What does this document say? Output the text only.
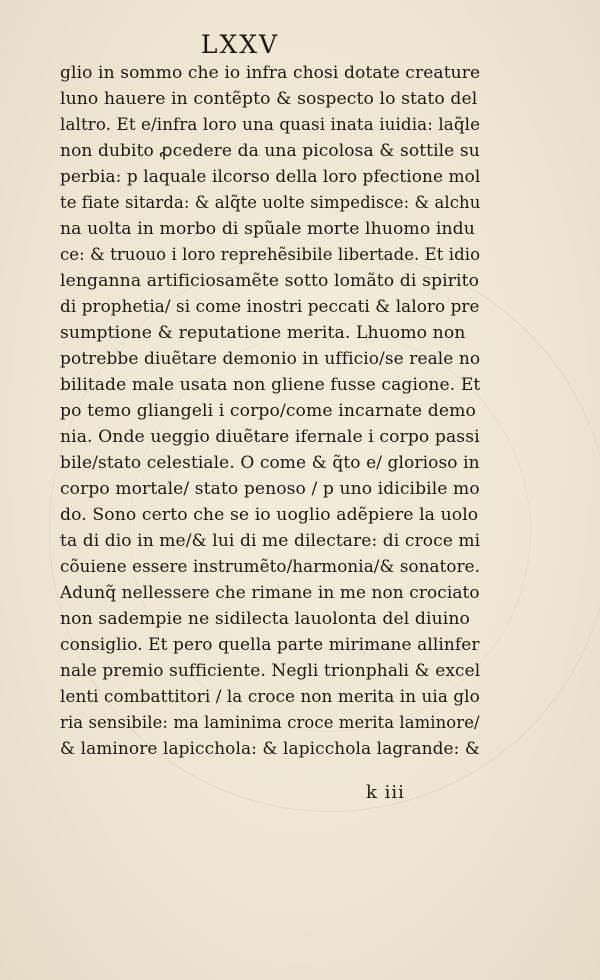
LXXV
glio in sommo che io infra chosi dotate creature
luno hauere in contẽpto & sospecto lo stato del
laltro. Et e/infra loro una quasi inata iuidia: laq̃le
non dubito ꝓcedere da una picolosa & sottile su
perbia: p laquale ilcorso della loro pfectione mol
te fiate sitarda: & alq̃te uolte simpedisce: & alchu
na uolta in morbo di spũale morte lhuomo indu
ce: & truouo i loro reprehẽsibile libertade. Et idio
lenganna artificiosamẽte sotto lomãto di spirito
di prophetia/ si come inostri peccati & laloro pre
sumptione & reputatione merita. Lhuomo non
potrebbe diuẽtare demonio in ufficio/se reale no
bilitade male usata non gliene fusse cagione. Et
po temo gliangeli i corpo/come incarnate demo
nia. Onde ueggio diuẽtare ifernale i corpo passi
bile/stato celestiale. O come & q̃to e/ glorioso in
corpo mortale/ stato penoso / p uno idicibile mo
do. Sono certo che se io uoglio adẽpiere la uolo
ta di dio in me/& lui di me dilectare: di croce mi
cõuiene essere instrumẽto/harmonia/& sonatore.
Adunq̃ nellessere che rimane in me non crociato
non sadempie ne sidilecta lauolonta del diuino
consiglio. Et pero quella parte mirimane allinfer
nale premio sufficiente. Negli trionphali & excel
lenti combattitori / la croce non merita in uia glo
ria sensibile: ma laminima croce merita laminore/
& laminore lapicchola: & lapicchola lagrande: &
k iii
